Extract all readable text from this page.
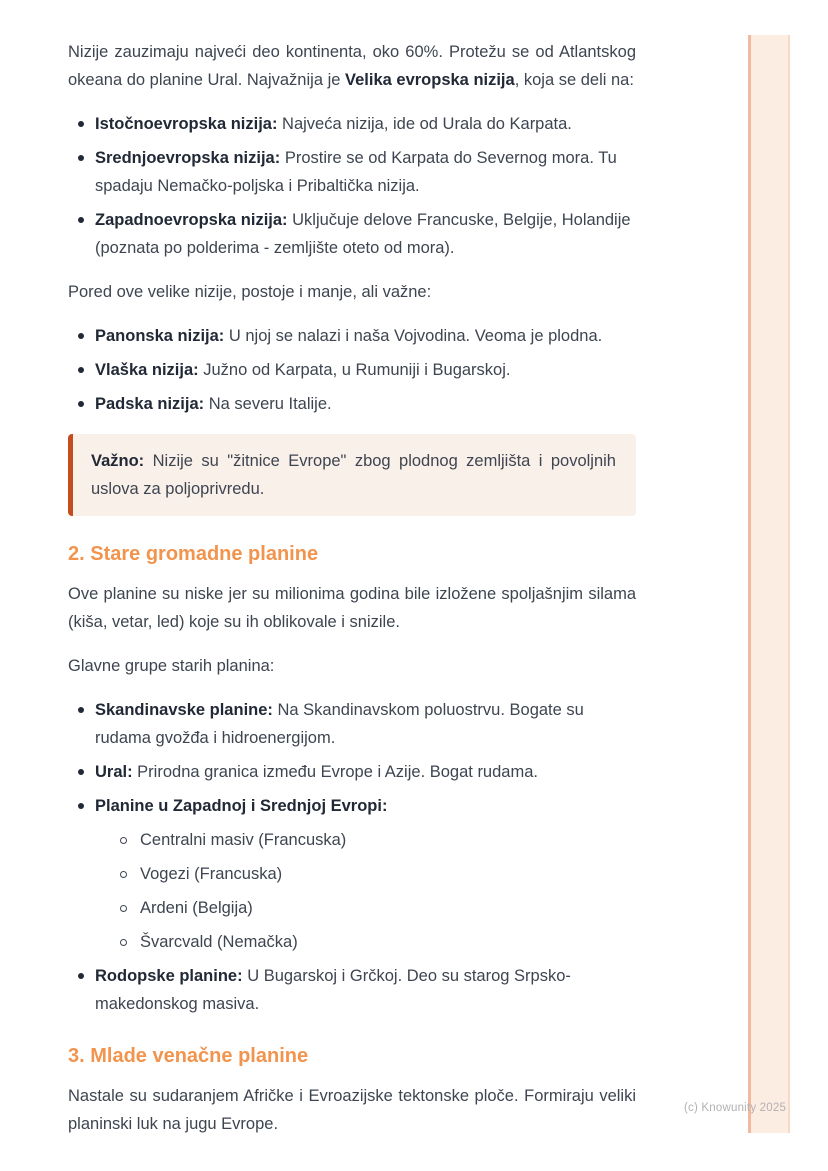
(c) Knowunity 2025

Nizije zauzimaju najveći deo kontinenta, oko 60%. Protežu se od Atlantskog okeana do planine Ural. Najvažnija je Velika evropska nizija, koja se deli na:

Istočnoevropska nizija: Najveća nizija, ide od Urala do Karpata.
Srednjoevropska nizija: Prostire se od Karpata do Severnog mora. Tu spadaju Nemačko-poljska i Pribaltička nizija.
Zapadnoevropska nizija: Uključuje delove Francuske, Belgije, Holandije (poznata po polderima - zemljište oteto od mora).

Pored ove velike nizije, postoje i manje, ali važne:

Panonska nizija: U njoj se nalazi i naša Vojvodina. Veoma je plodna.
Vlaška nizija: Južno od Karpata, u Rumuniji i Bugarskoj.
Padska nizija: Na severu Italije.

Važno: Nizije su "žitnice Evrope" zbog plodnog zemljišta i povoljnih uslova za poljoprivredu.

2. Stare gromadne planine

Ove planine su niske jer su milionima godina bile izložene spoljašnjim silama (kiša, vetar, led) koje su ih oblikovale i snizile.

Glavne grupe starih planina:

Skandinavske planine: Na Skandinavskom poluostrvu. Bogate su rudama gvožđa i hidroenergijom.
Ural: Prirodna granica između Evrope i Azije. Bogat rudama.
Planine u Zapadnoj i Srednjoj Evropi:
Centralni masiv (Francuska)
Vogezi (Francuska)
Ardeni (Belgija)
Švarcvald (Nemačka)
Rodopske planine: U Bugarskoj i Grčkoj. Deo su starog Srpsko-makedonskog masiva.
3. Mlade venačne planine

Nastale su sudaranjem Afričke i Evroazijske tektonske ploče. Formiraju veliki planinski luk na jugu Evrope.
